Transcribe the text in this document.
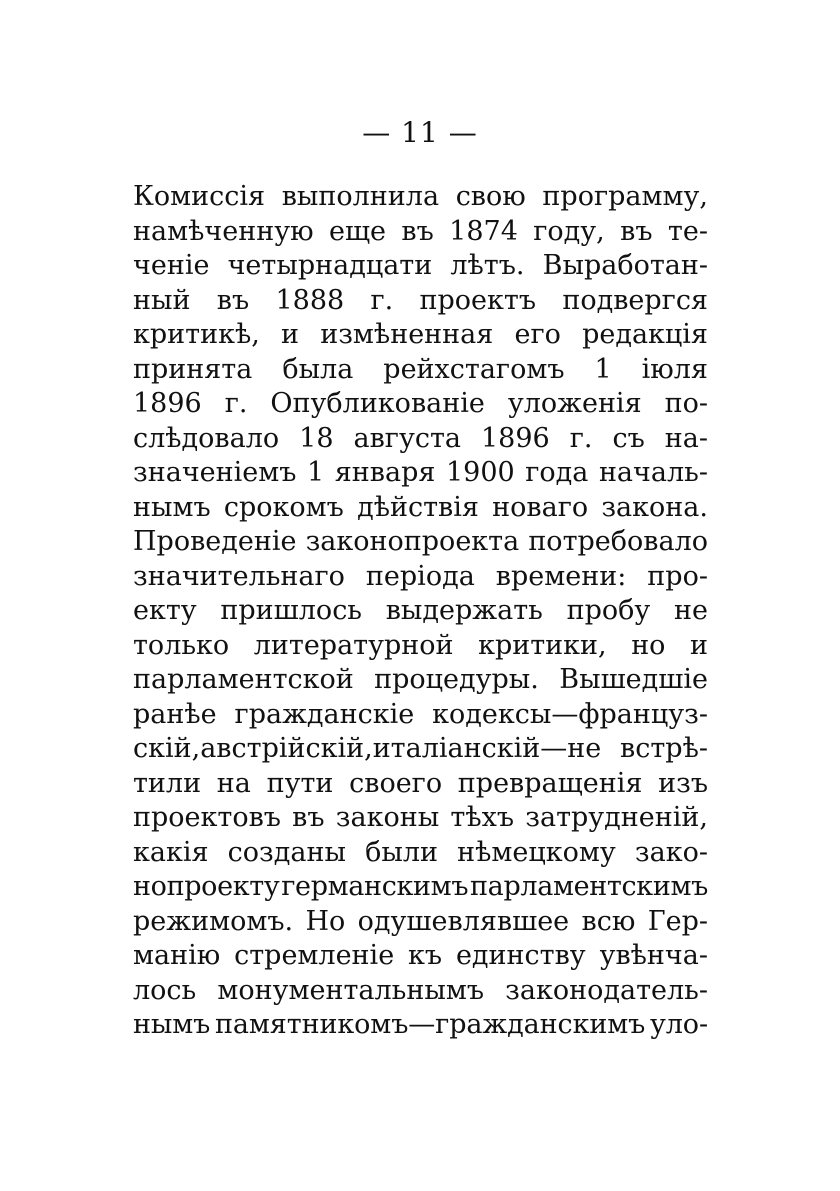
— 11 —
Комиссія выполнила свою программу,
намѣченную еще въ 1874 году, въ те-
ченіе четырнадцати лѣтъ. Выработан-
ный въ 1888 г. проектъ подвергся
критикѣ, и измѣненная его редакція
принята была рейхстагомъ 1 іюля
1896 г. Опубликованіе уложенія по-
слѣдовало 18 августа 1896 г. съ на-
значеніемъ 1 января 1900 года началь-
нымъ срокомъ дѣйствія новаго закона.
Проведеніе законопроекта потребовало
значительнаго періода времени: про-
екту пришлось выдержать пробу не
только литературной критики, но и
парламентской процедуры. Вышедшіе
ранѣе гражданскіе кодексы—француз-
скій,австрійскій,италіанскій—не встрѣ-
тили на пути своего превращенія изъ
проектовъ въ законы тѣхъ затрудненій,
какія созданы были нѣмецкому зако-
нопроекту германскимъ парламентскимъ
режимомъ. Но одушевлявшее всю Гер-
манію стремленіе къ единству увѣнча-
лось монументальнымъ законодатель-
нымъ памятникомъ—гражданскимъ уло-
